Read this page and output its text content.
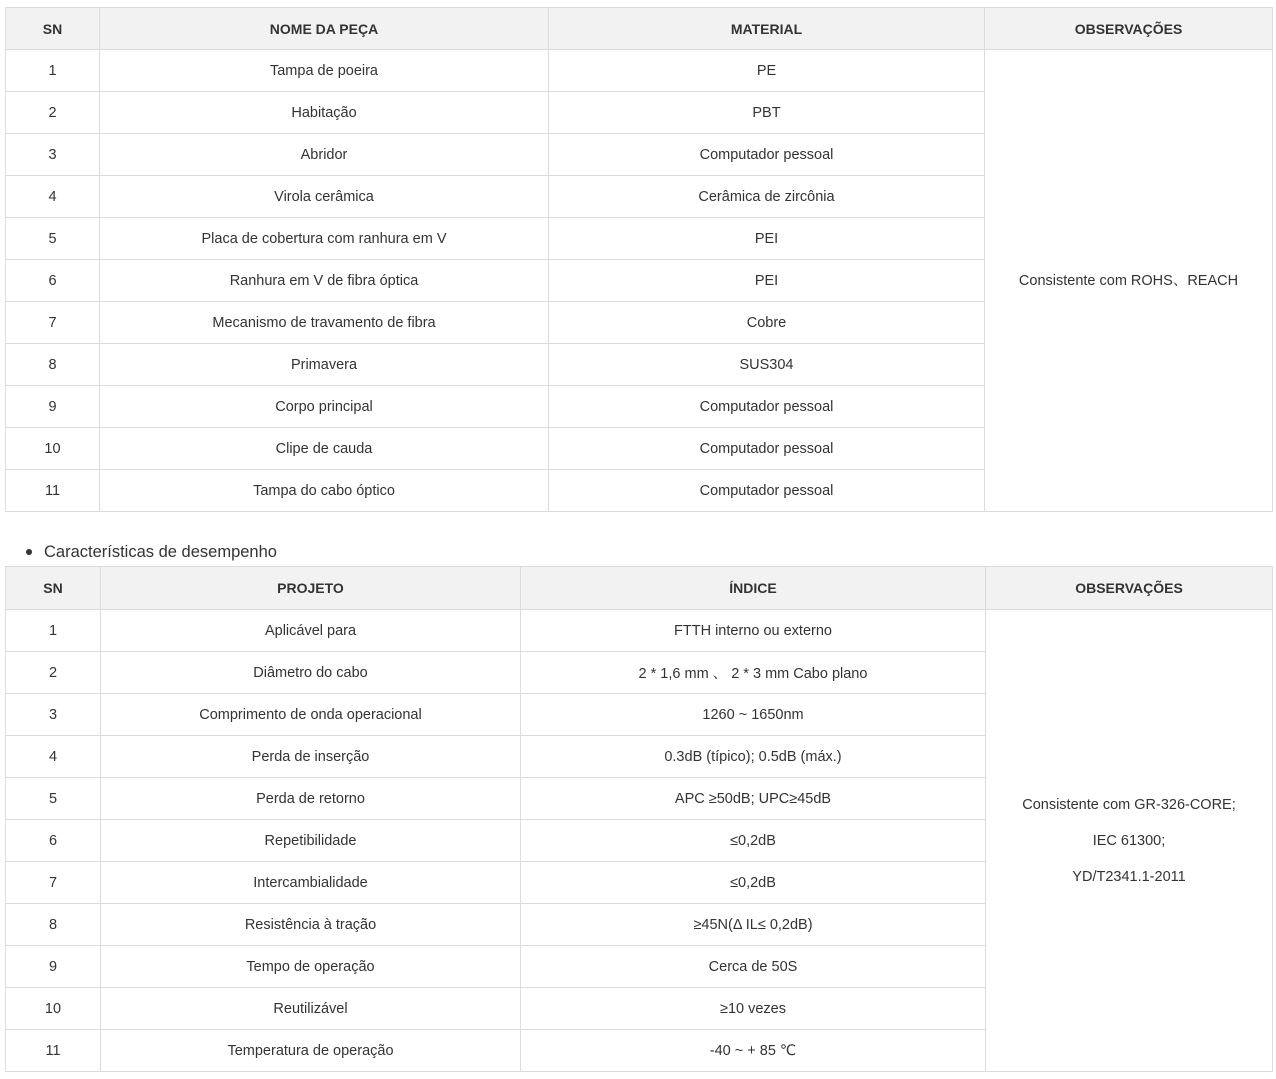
SN	NOME DA PEÇA	MATERIAL	OBSERVAÇÕES
1	Tampa de poeira	PE	Consistente com ROHS、REACH
2	Habitação	PBT	
3	Abridor	Computador pessoal	
4	Virola cerâmica	Cerâmica de zircônia	
5	Placa de cobertura com ranhura em V	PEI	
6	Ranhura em V de fibra óptica	PEI	
7	Mecanismo de travamento de fibra	Cobre	
8	Primavera	SUS304	
9	Corpo principal	Computador pessoal	
10	Clipe de cauda	Computador pessoal	
11	Tampa do cabo óptico	Computador pessoal	
Características de desempenho
SN	PROJETO	ÍNDICE	OBSERVAÇÕES
1	Aplicável para	FTTH interno ou externo	Consistente com GR-326-CORE;
IEC 61300;
YD/T2341.1-2011

2	Diâmetro do cabo	2 * 1,6 mm 、 2 * 3 mm Cabo plano	
3	Comprimento de onda operacional	1260 ~ 1650nm	
4	Perda de inserção	0.3dB (típico); 0.5dB (máx.)	
5	Perda de retorno	APC ≥50dB; UPC≥45dB	
6	Repetibilidade	≤0,2dB	
7	Intercambialidade	≤0,2dB	
8	Resistência à tração	≥45N(Δ IL≤ 0,2dB)	
9	Tempo de operação	Cerca de 50S	
10	Reutilizável	≥10 vezes	
11	Temperatura de operação	-40 ~ + 85 ℃	
